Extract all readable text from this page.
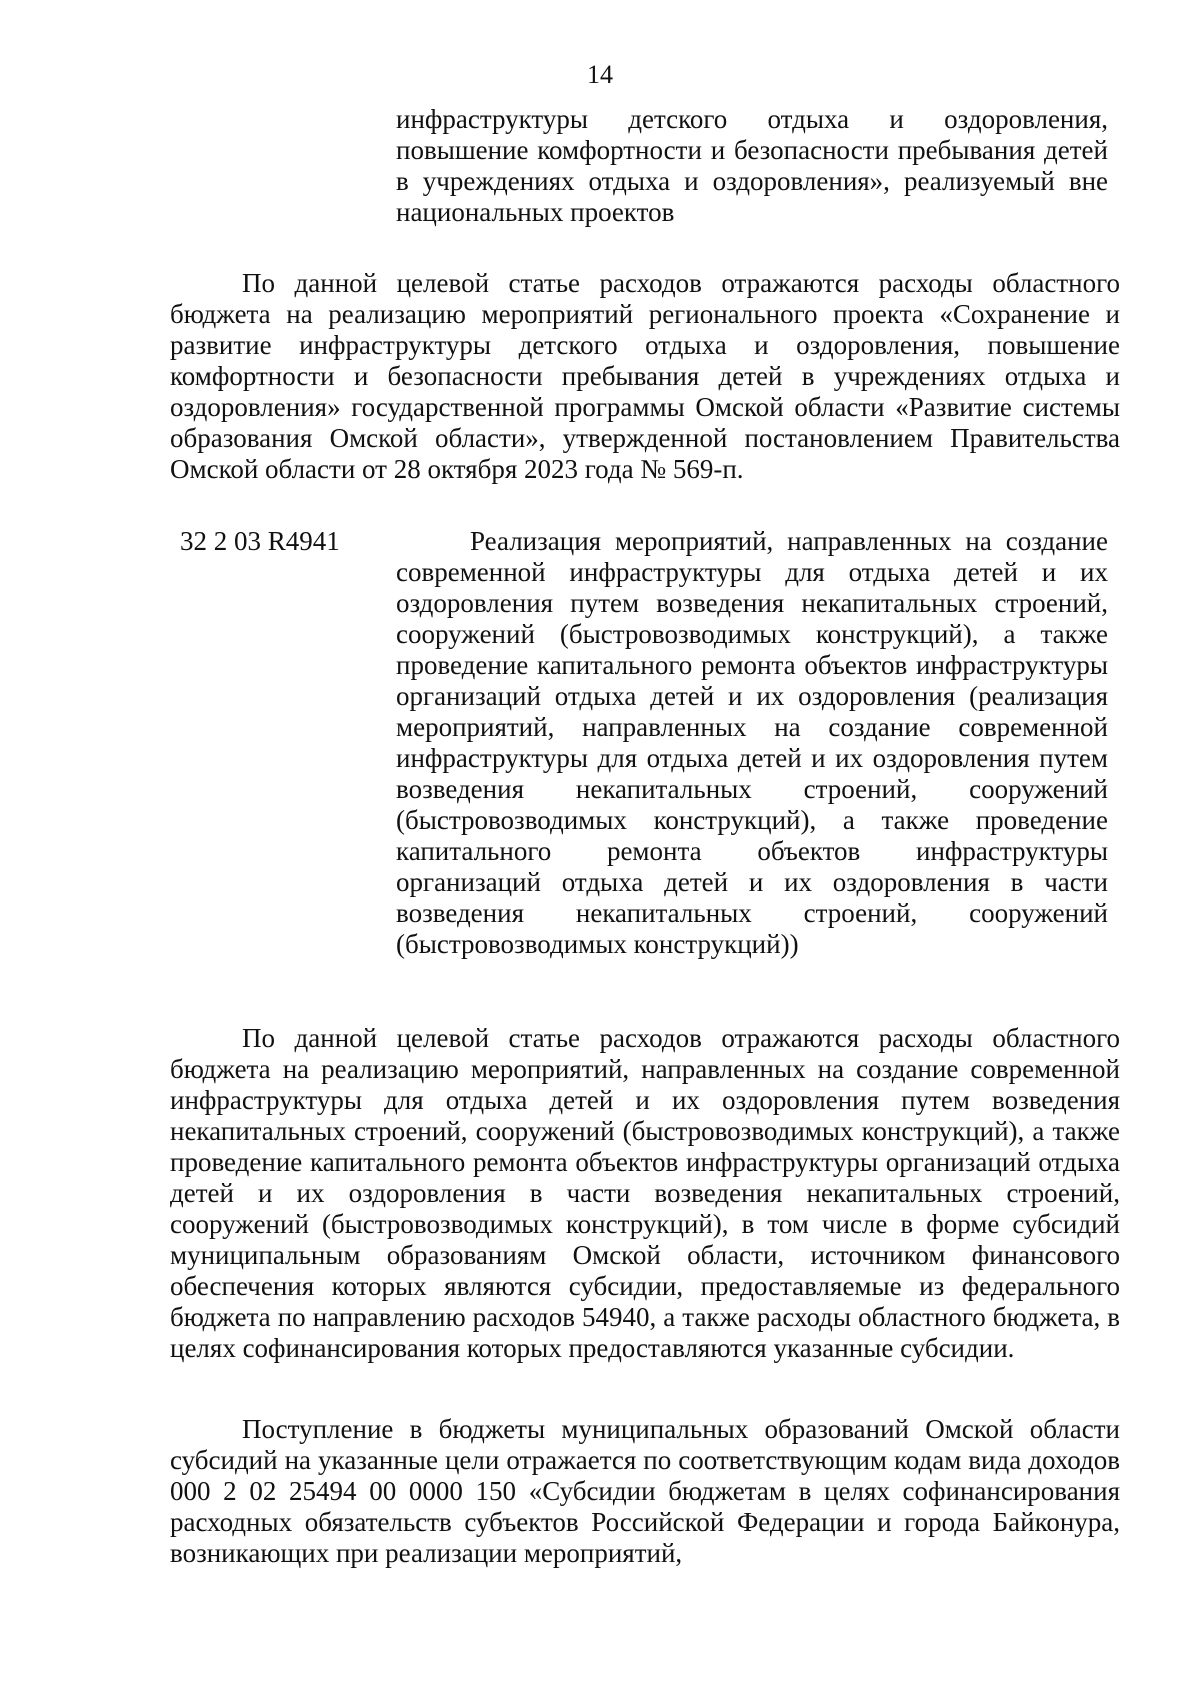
14

инфраструктуры детского отдыха и оздоровления, повышение комфортности и безопасности пребывания детей в учреждениях отдыха и оздоровления», реализуемый вне национальных проектов

По данной целевой статье расходов отражаются расходы областного бюджета на реализацию мероприятий регионального проекта «Сохранение и развитие инфраструктуры детского отдыха и оздоровления, повышение комфортности и безопасности пребывания детей в учреждениях отдыха и оздоровления» государственной программы Омской области «Развитие системы образования Омской области», утвержденной постановлением Правительства Омской области от 28 октября 2023 года № 569-п.

32 2 03 R4941	Реализация мероприятий, направленных на создание современной инфраструктуры для отдыха детей и их оздоровления путем возведения некапитальных строений, сооружений (быстровозводимых конструкций), а также проведение капитального ремонта объектов инфраструктуры организаций отдыха детей и их оздоровления (реализация мероприятий, направленных на создание современной инфраструктуры для отдыха детей и их оздоровления путем возведения некапитальных строений, сооружений (быстровозводимых конструкций), а также проведение капитального ремонта объектов инфраструктуры организаций отдыха детей и их оздоровления в части возведения некапитальных строений, сооружений (быстровозводимых конструкций))

По данной целевой статье расходов отражаются расходы областного бюджета на реализацию мероприятий, направленных на создание современной инфраструктуры для отдыха детей и их оздоровления путем возведения некапитальных строений, сооружений (быстровозводимых конструкций), а также проведение капитального ремонта объектов инфраструктуры организаций отдыха детей и их оздоровления в части возведения некапитальных строений, сооружений (быстровозводимых конструкций), в том числе в форме субсидий муниципальным образованиям Омской области, источником финансового обеспечения которых являются субсидии, предоставляемые из федерального бюджета по направлению расходов 54940, а также расходы областного бюджета, в целях софинансирования которых предоставляются указанные субсидии.

Поступление в бюджеты муниципальных образований Омской области субсидий на указанные цели отражается по соответствующим кодам вида доходов 000 2 02 25494 00 0000 150 «Субсидии бюджетам в целях софинансирования расходных обязательств субъектов Российской Федерации и города Байконура, возникающих при реализации мероприятий,
